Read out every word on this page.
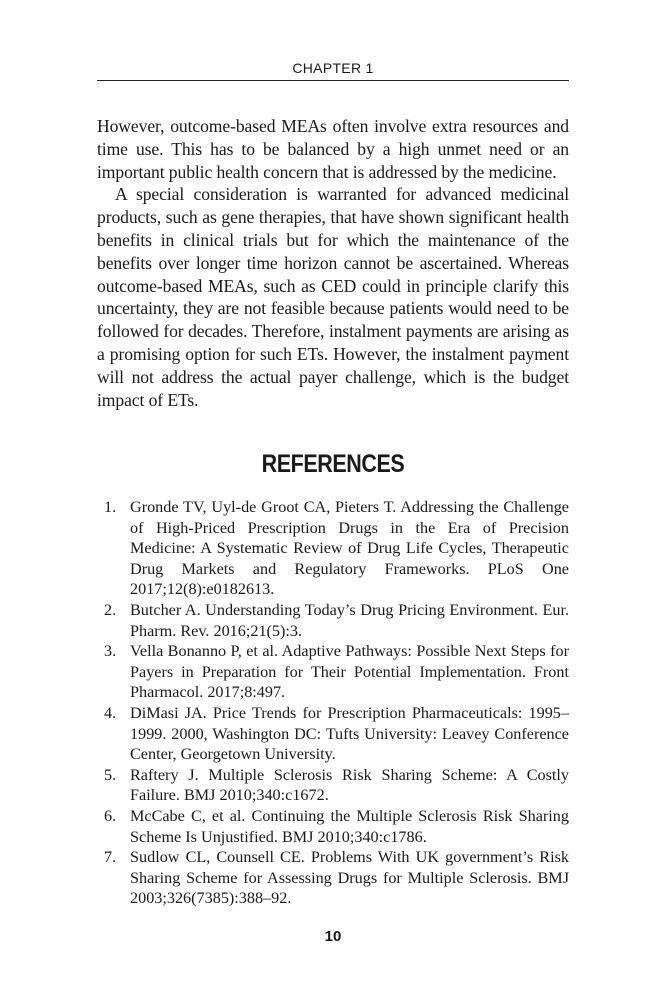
CHAPTER 1

However, outcome-based MEAs often involve extra resources and time use. This has to be balanced by a high unmet need or an important public health concern that is addressed by the medicine.

A special consideration is warranted for advanced medicinal products, such as gene therapies, that have shown significant health benefits in clinical trials but for which the maintenance of the benefits over longer time horizon cannot be ascertained. Whereas outcome-based MEAs, such as CED could in principle clarify this uncertainty, they are not feasible because patients would need to be followed for decades. Therefore, instalment payments are arising as a promising option for such ETs. However, the instalment payment will not address the actual payer challenge, which is the budget impact of ETs.

REFERENCES
1. Gronde TV, Uyl-de Groot CA, Pieters T. Addressing the Challenge of High-Priced Prescription Drugs in the Era of Precision Medicine: A Systematic Review of Drug Life Cycles, Therapeutic Drug Markets and Regulatory Frameworks. PLoS One 2017;12(8):e0182613.
2. Butcher A. Understanding Today’s Drug Pricing Environment. Eur. Pharm. Rev. 2016;21(5):3.
3. Vella Bonanno P, et al. Adaptive Pathways: Possible Next Steps for Payers in Preparation for Their Potential Implementation. Front Pharmacol. 2017;8:497.
4. DiMasi JA. Price Trends for Prescription Pharmaceuticals: 1995–1999. 2000, Washington DC: Tufts University: Leavey Conference Center, Georgetown University.
5. Raftery J. Multiple Sclerosis Risk Sharing Scheme: A Costly Failure. BMJ 2010;340:c1672.
6. McCabe C, et al. Continuing the Multiple Sclerosis Risk Sharing Scheme Is Unjustified. BMJ 2010;340:c1786.
7. Sudlow CL, Counsell CE. Problems With UK government’s Risk Sharing Scheme for Assessing Drugs for Multiple Sclerosis. BMJ 2003;326(7385):388–92.
10
